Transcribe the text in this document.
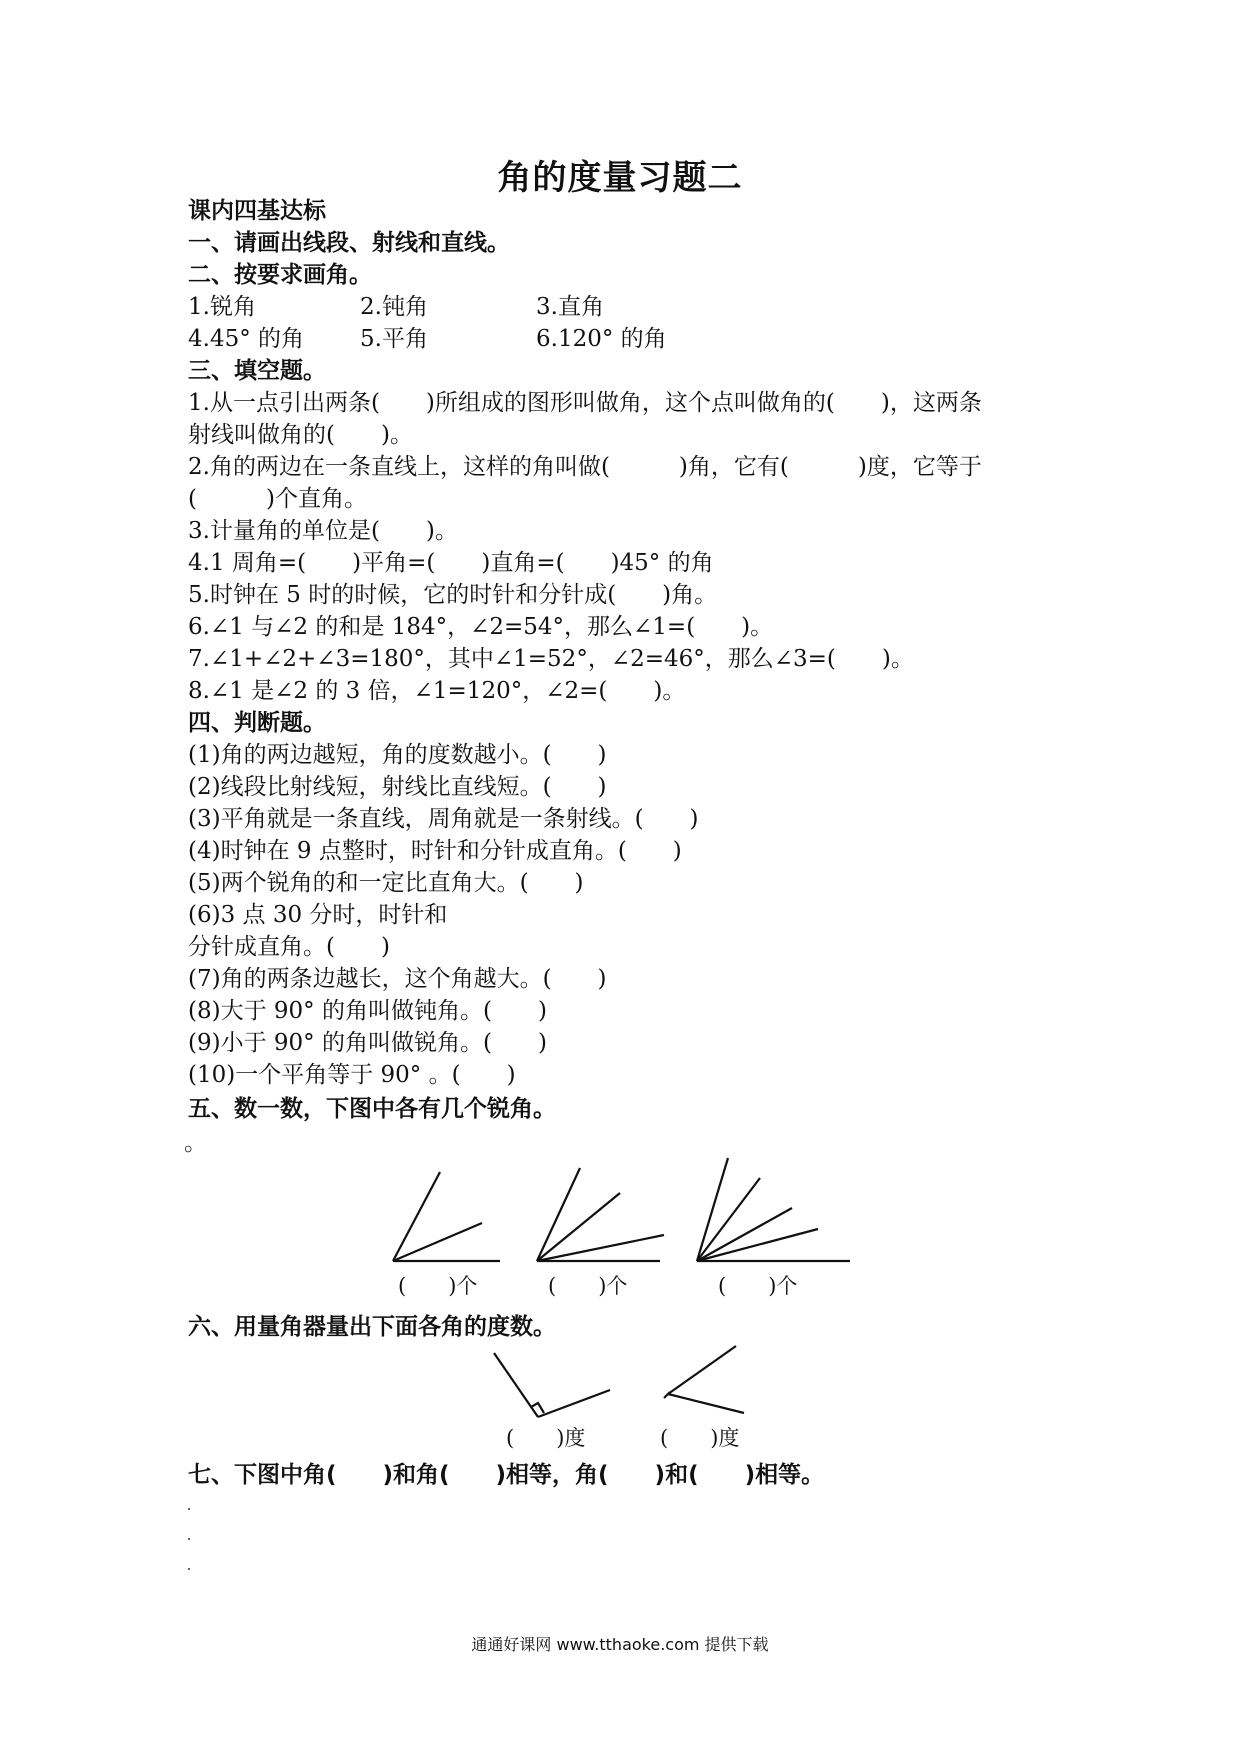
角的度量习题二
课内四基达标
一、请画出线段、射线和直线。
二、按要求画角。
1.锐角	2.钝角	3.直角
4.45° 的角 5.平角	6.120° 的角
三、填空题。
1.从一点引出两条(　　)所组成的图形叫做角，这个点叫做角的(　　)，这两条
射线叫做角的(　　)。
2.角的两边在一条直线上，这样的角叫做(　　　)角，它有(　　　)度，它等于
(　　　)个直角。
3.计量角的单位是(　　)。
4.1 周角=(　　)平角=(　　)直角=(　　)45° 的角
5.时钟在 5 时的时候，它的时针和分针成(　　)角。
6.∠1 与∠2 的和是 184°，∠2=54°，那么∠1=(　　)。
7.∠1+∠2+∠3=180°，其中∠1=52°，∠2=46°，那么∠3=(　　)。
8.∠1 是∠2 的 3 倍，∠1=120°，∠2=(　　)。
四、判断题。
(1)角的两边越短，角的度数越小。(　　)
(2)线段比射线短，射线比直线短。(　　)
(3)平角就是一条直线，周角就是一条射线。(　　)
(4)时钟在 9 点整时，时针和分针成直角。(　　)
(5)两个锐角的和一定比直角大。(　　)
(6)3 点 30 分时，时针和
分针成直角。(　　)
(7)角的两条边越长，这个角越大。(　　)
(8)大于 90° 的角叫做钝角。(　　)
(9)小于 90° 的角叫做锐角。(　　)
(10)一个平角等于 90° 。(　　)
五、数一数，下图中各有几个锐角。
。
(　　)个	(　　)个	(　　)个
六、用量角器量出下面各角的度数。
(　　)度	(　　)度
七、下图中角(　　)和角(　　)相等，角(　　)和(　　)相等。
通通好课网 www.tthaoke.com 提供下载
